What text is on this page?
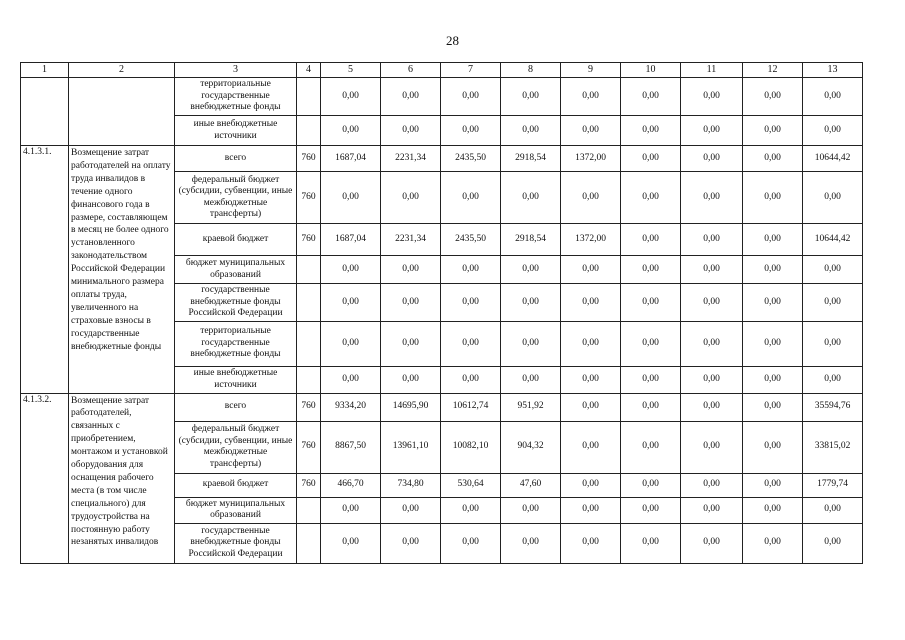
28
1	2	3	4	5	6	7	8	9	10	11	12	13
		территориальные государственные внебюджетные фонды		0,00	0,00	0,00	0,00	0,00	0,00	0,00	0,00	0,00
		иные внебюджетные источники		0,00	0,00	0,00	0,00	0,00	0,00	0,00	0,00	0,00
4.1.3.1.	Возмещение затрат работодателей на оплату труда инвалидов в течение одного финансового года в размере, составляющем в месяц не более одного установленного законодательством Российской Федерации минимального размера оплаты труда, увеличенного на страховые взносы в государственные внебюджетные фонды	всего	760	1687,04	2231,34	2435,50	2918,54	1372,00	0,00	0,00	0,00	10644,42
		федеральный бюджет (субсидии, субвенции, иные межбюджетные трансферты)	760	0,00	0,00	0,00	0,00	0,00	0,00	0,00	0,00	0,00
		краевой бюджет	760	1687,04	2231,34	2435,50	2918,54	1372,00	0,00	0,00	0,00	10644,42
		бюджет муниципальных образований		0,00	0,00	0,00	0,00	0,00	0,00	0,00	0,00	0,00
		государственные внебюджетные фонды Российской Федерации		0,00	0,00	0,00	0,00	0,00	0,00	0,00	0,00	0,00
		территориальные государственные внебюджетные фонды		0,00	0,00	0,00	0,00	0,00	0,00	0,00	0,00	0,00
		иные внебюджетные источники		0,00	0,00	0,00	0,00	0,00	0,00	0,00	0,00	0,00
4.1.3.2.	Возмещение затрат работодателей, связанных с приобретением, монтажом и установкой оборудования для оснащения рабочего места (в том числе специального) для трудоустройства на постоянную работу незанятых инвалидов	всего	760	9334,20	14695,90	10612,74	951,92	0,00	0,00	0,00	0,00	35594,76
		федеральный бюджет (субсидии, субвенции, иные межбюджетные трансферты)	760	8867,50	13961,10	10082,10	904,32	0,00	0,00	0,00	0,00	33815,02
		краевой бюджет	760	466,70	734,80	530,64	47,60	0,00	0,00	0,00	0,00	1779,74
		бюджет муниципальных образований		0,00	0,00	0,00	0,00	0,00	0,00	0,00	0,00	0,00
		государственные внебюджетные фонды Российской Федерации		0,00	0,00	0,00	0,00	0,00	0,00	0,00	0,00	0,00
